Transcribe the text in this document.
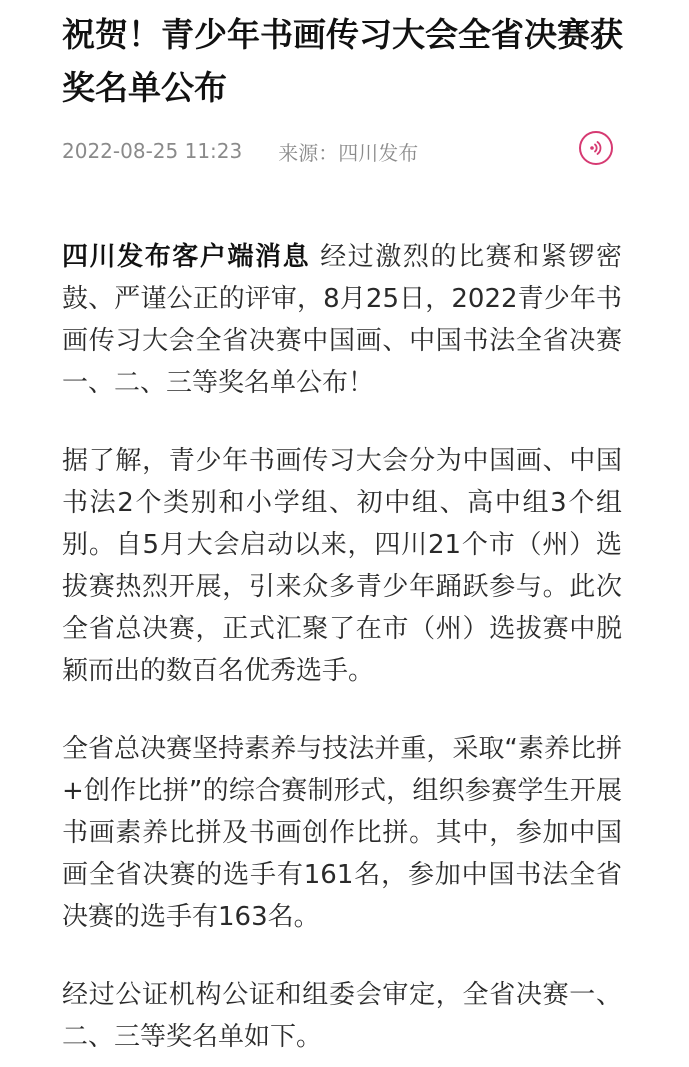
祝贺！青少年书画传习大会全省决赛获奖名单公布
2022-08-25 11:23 来源：四川发布

四川发布客户端消息 经过激烈的比赛和紧锣密鼓、严谨公正的评审，8月25日，2022青少年书画传习大会全省决赛中国画、中国书法全省决赛一、二、三等奖名单公布！

据了解，青少年书画传习大会分为中国画、中国书法2个类别和小学组、初中组、高中组3个组别。自5月大会启动以来，四川21个市（州）选拔赛热烈开展，引来众多青少年踊跃参与。此次全省总决赛，正式汇聚了在市（州）选拔赛中脱颖而出的数百名优秀选手。

全省总决赛坚持素养与技法并重，采取“素养比拼+创作比拼”的综合赛制形式，组织参赛学生开展书画素养比拼及书画创作比拼。其中，参加中国画全省决赛的选手有161名，参加中国书法全省决赛的选手有163名。

经过公证机构公证和组委会审定，全省决赛一、二、三等奖名单如下。
